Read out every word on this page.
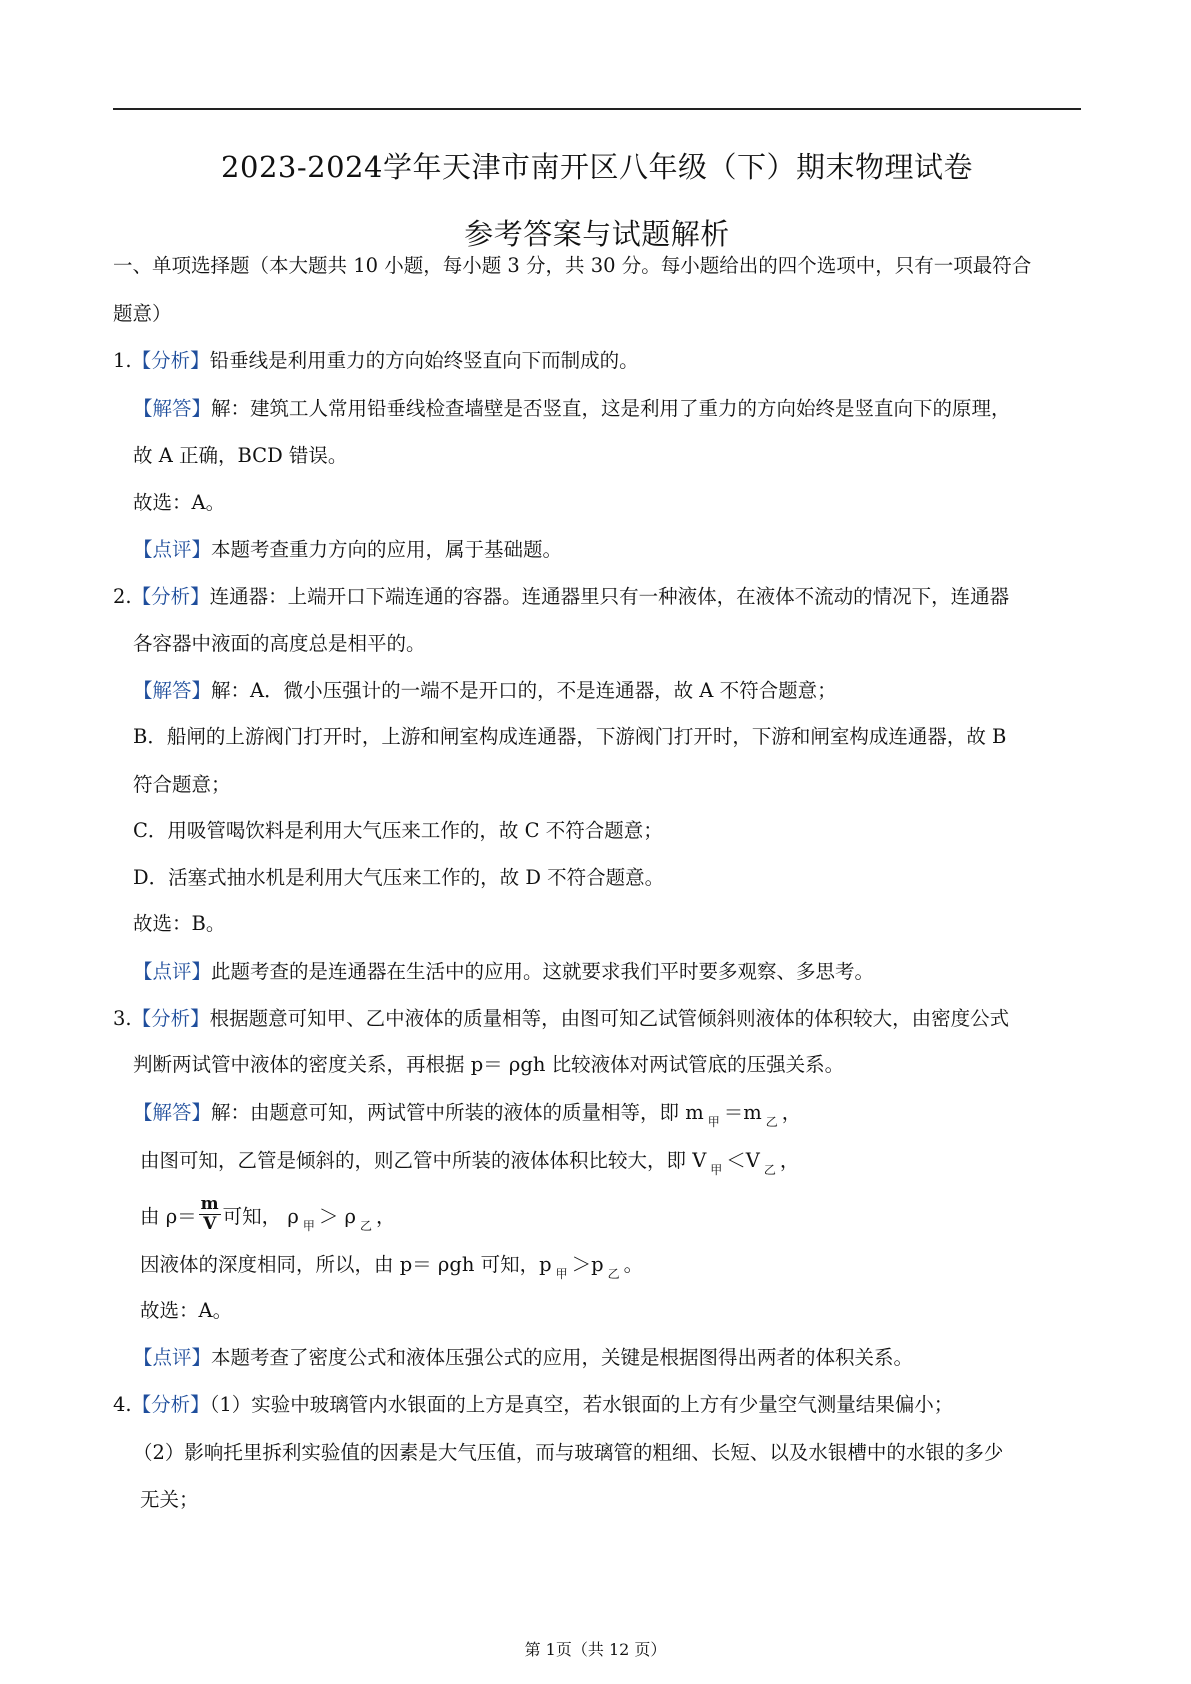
2023-2024学年天津市南开区八年级（下）期末物理试卷
参考答案与试题解析
一、单项选择题（本大题共 10 小题，每小题 3 分，共 30 分。每小题给出的四个选项中，只有一项最符合
题意）
1.【分析】铅垂线是利用重力的方向始终竖直向下而制成的。
【解答】解：建筑工人常用铅垂线检查墙壁是否竖直，这是利用了重力的方向始终是竖直向下的原理，
故 A 正确，BCD 错误。
故选：A。
【点评】本题考查重力方向的应用，属于基础题。
2.【分析】连通器：上端开口下端连通的容器。连通器里只有一种液体，在液体不流动的情况下，连通器
各容器中液面的高度总是相平的。
【解答】解：A．微小压强计的一端不是开口的，不是连通器，故 A 不符合题意；
B．船闸的上游阀门打开时，上游和闸室构成连通器，下游阀门打开时，下游和闸室构成连通器，故 B
符合题意；
C．用吸管喝饮料是利用大气压来工作的，故 C 不符合题意；
D．活塞式抽水机是利用大气压来工作的，故 D 不符合题意。
故选：B。
【点评】此题考查的是连通器在生活中的应用。这就要求我们平时要多观察、多思考。
3.【分析】根据题意可知甲、乙中液体的质量相等，由图可知乙试管倾斜则液体的体积较大，由密度公式
判断两试管中液体的密度关系，再根据 p＝ ρgh 比较液体对两试管底的压强关系。
【解答】解：由题意可知，两试管中所装的液体的质量相等，即 m $_甲$ ＝m $_乙$ ，
由图可知，乙管是倾斜的，则乙管中所装的液体体积比较大，即 V $_甲$ ＜V $_乙$ ，
由 $\rho= \frac{m}{V}$ 可知， ρ $_甲$ ＞ ρ $_乙$ ，
因液体的深度相同，所以，由 p＝ ρgh 可知，p $_甲$ ＞p $_乙$ 。
故选：A。
【点评】本题考查了密度公式和液体压强公式的应用，关键是根据图得出两者的体积关系。
4.【分析】（1）实验中玻璃管内水银面的上方是真空，若水银面的上方有少量空气测量结果偏小；
（2）影响托里拆利实验值的因素是大气压值，而与玻璃管的粗细、长短、以及水银槽中的水银的多少
无关；
第 1页（共 12 页）
